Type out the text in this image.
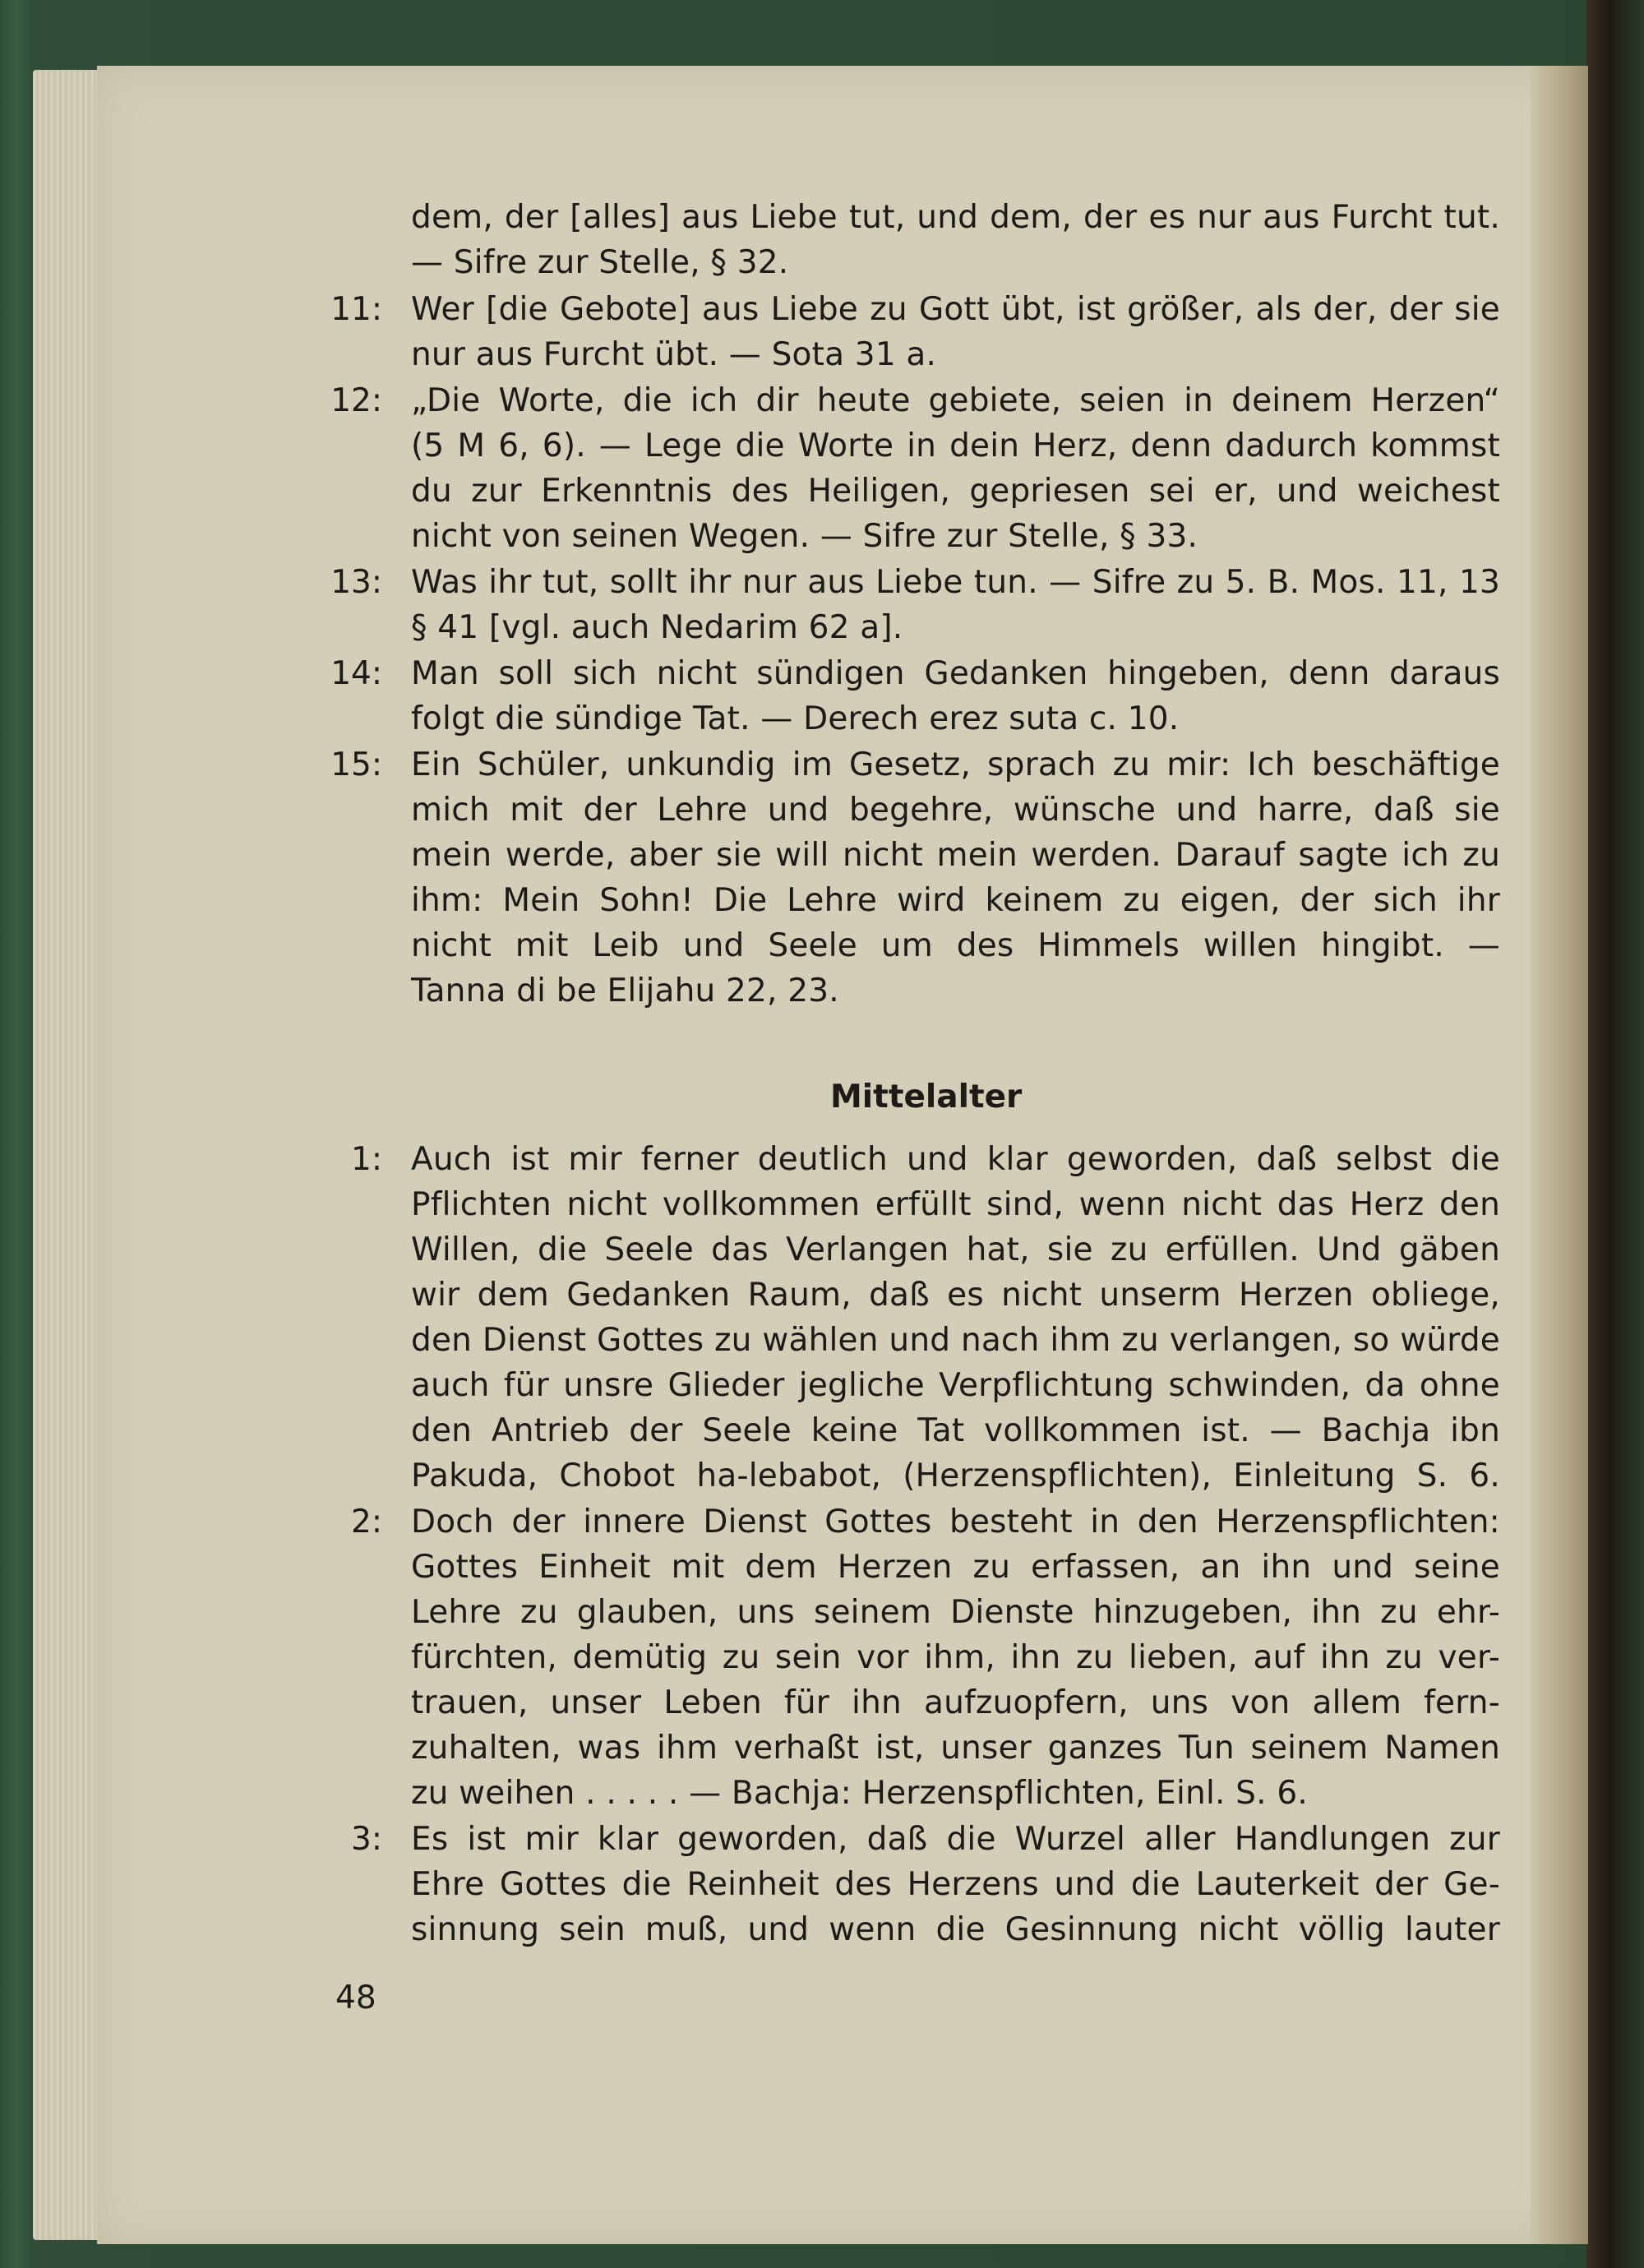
dem, der [alles] aus Liebe tut, und dem, der es nur aus Furcht tut.
— Sifre zur Stelle, § 32.
11: Wer [die Gebote] aus Liebe zu Gott übt, ist größer, als der, der sie
nur aus Furcht übt. — Sota 31 a.
12: „Die Worte, die ich dir heute gebiete, seien in deinem Herzen“
(5 M 6, 6). — Lege die Worte in dein Herz, denn dadurch kommst
du zur Erkenntnis des Heiligen, gepriesen sei er, und weichest
nicht von seinen Wegen. — Sifre zur Stelle, § 33.
13: Was ihr tut, sollt ihr nur aus Liebe tun. — Sifre zu 5. B. Mos. 11, 13
§ 41 [vgl. auch Nedarim 62 a].
14: Man soll sich nicht sündigen Gedanken hingeben, denn daraus
folgt die sündige Tat. — Derech erez suta c. 10.
15: Ein Schüler, unkundig im Gesetz, sprach zu mir: Ich beschäftige
mich mit der Lehre und begehre, wünsche und harre, daß sie
mein werde, aber sie will nicht mein werden. Darauf sagte ich zu
ihm: Mein Sohn! Die Lehre wird keinem zu eigen, der sich ihr
nicht mit Leib und Seele um des Himmels willen hingibt. —
Tanna di be Elijahu 22, 23.
Mittelalter
1: Auch ist mir ferner deutlich und klar geworden, daß selbst die
Pflichten nicht vollkommen erfüllt sind, wenn nicht das Herz den
Willen, die Seele das Verlangen hat, sie zu erfüllen. Und gäben
wir dem Gedanken Raum, daß es nicht unserm Herzen obliege,
den Dienst Gottes zu wählen und nach ihm zu verlangen, so würde
auch für unsre Glieder jegliche Verpflichtung schwinden, da ohne
den Antrieb der Seele keine Tat vollkommen ist. — Bachja ibn
Pakuda, Chobot ha-lebabot, (Herzenspflichten), Einleitung S. 6.
2: Doch der innere Dienst Gottes besteht in den Herzenspflichten:
Gottes Einheit mit dem Herzen zu erfassen, an ihn und seine
Lehre zu glauben, uns seinem Dienste hinzugeben, ihn zu ehr-
fürchten, demütig zu sein vor ihm, ihn zu lieben, auf ihn zu ver-
trauen, unser Leben für ihn aufzuopfern, uns von allem fern-
zuhalten, was ihm verhaßt ist, unser ganzes Tun seinem Namen
zu weihen . . . . . — Bachja: Herzenspflichten, Einl. S. 6.
3: Es ist mir klar geworden, daß die Wurzel aller Handlungen zur
Ehre Gottes die Reinheit des Herzens und die Lauterkeit der Ge-
sinnung sein muß, und wenn die Gesinnung nicht völlig lauter
48
